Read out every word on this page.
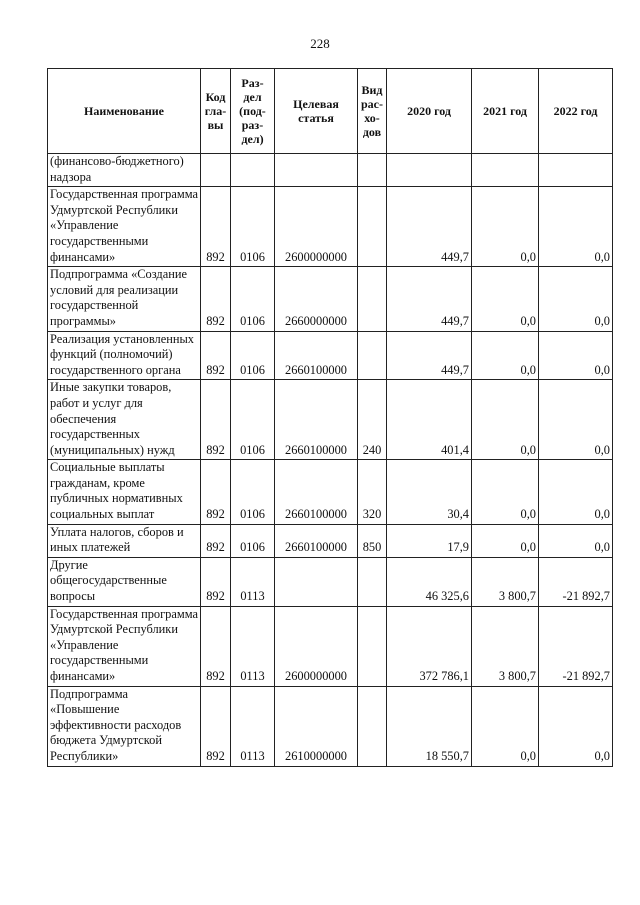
228
Наименование	Код гла- вы	Раз- дел (под- раз- дел)	Целевая статья	Вид рас- хо- дов	2020 год	2021 год	2022 год
(финансово-бюджетного) надзора							
Государственная программа Удмуртской Республики «Управление государственными финансами»	892	0106	2600000000		449,7	0,0	0,0
Подпрограмма «Создание условий для реализации государственной программы»	892	0106	2660000000		449,7	0,0	0,0
Реализация установленных функций (полномочий) государственного органа	892	0106	2660100000		449,7	0,0	0,0
Иные закупки товаров, работ и услуг для обеспечения государственных (муниципальных) нужд	892	0106	2660100000	240	401,4	0,0	0,0
Социальные выплаты гражданам, кроме публичных нормативных социальных выплат	892	0106	2660100000	320	30,4	0,0	0,0
Уплата налогов, сборов и иных платежей	892	0106	2660100000	850	17,9	0,0	0,0
Другие общегосударственные вопросы	892	0113			46 325,6	3 800,7	-21 892,7
Государственная программа Удмуртской Республики «Управление государственными финансами»	892	0113	2600000000		372 786,1	3 800,7	-21 892,7
Подпрограмма «Повышение эффективности расходов бюджета Удмуртской Республики»	892	0113	2610000000		18 550,7	0,0	0,0
